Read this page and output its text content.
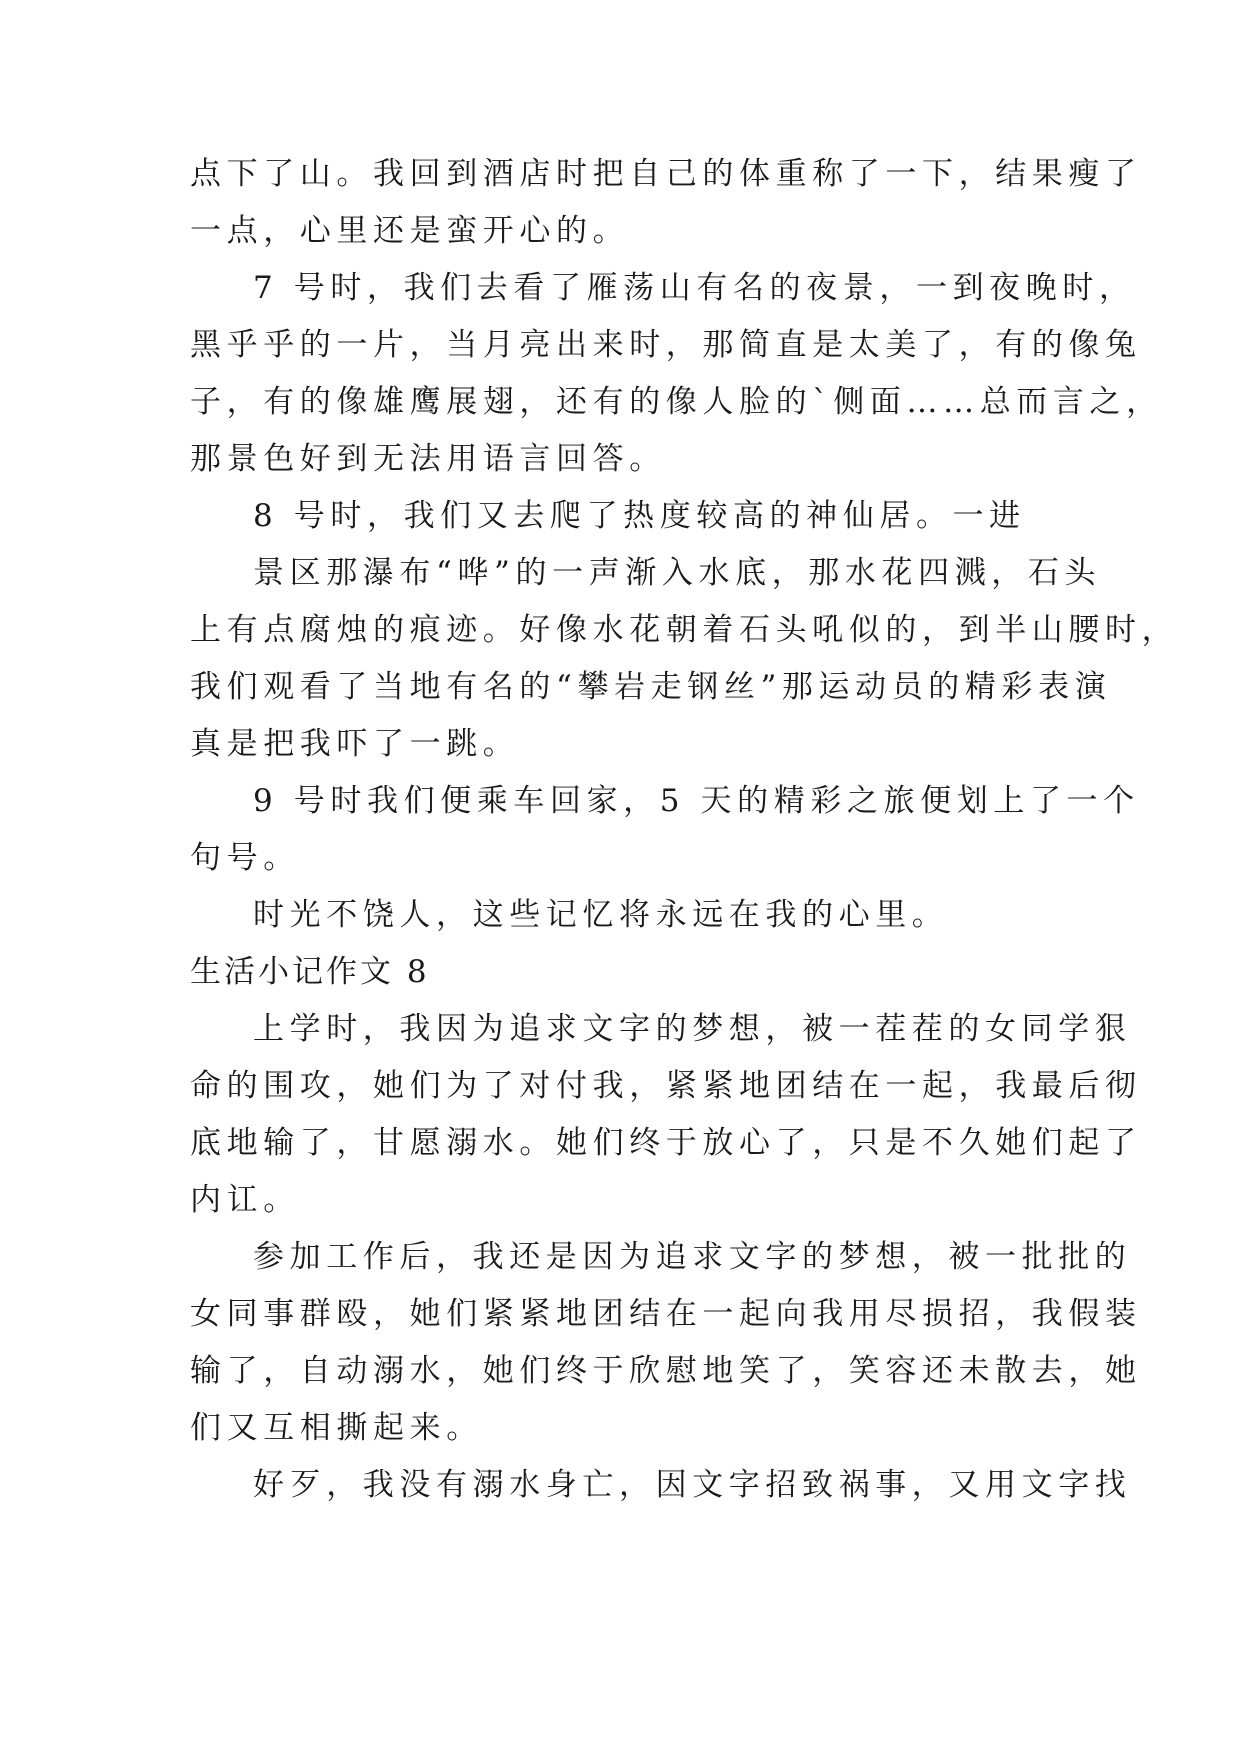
点下了山。我回到酒店时把自己的体重称了一下，结果瘦了

一点，心里还是蛮开心的。

7 号时，我们去看了雁荡山有名的夜景，一到夜晚时，

黑乎乎的一片，当月亮出来时，那简直是太美了，有的像兔

子，有的像雄鹰展翅，还有的像人脸的`侧面……总而言之，

那景色好到无法用语言回答。

8 号时，我们又去爬了热度较高的神仙居。一进

景区那瀑布“哗”的一声渐入水底，那水花四溅，石头

上有点腐烛的痕迹。好像水花朝着石头吼似的，到半山腰时，

我们观看了当地有名的“攀岩走钢丝”那运动员的精彩表演

真是把我吓了一跳。

9 号时我们便乘车回家，5 天的精彩之旅便划上了一个

句号。

时光不饶人，这些记忆将永远在我的心里。

生活小记作文 8

上学时，我因为追求文字的梦想，被一茬茬的女同学狠

命的围攻，她们为了对付我，紧紧地团结在一起，我最后彻

底地输了，甘愿溺水。她们终于放心了，只是不久她们起了

内讧。

参加工作后，我还是因为追求文字的梦想，被一批批的

女同事群殴，她们紧紧地团结在一起向我用尽损招，我假装

输了，自动溺水，她们终于欣慰地笑了，笑容还未散去，她

们又互相撕起来。

好歹，我没有溺水身亡，因文字招致祸事，又用文字找
